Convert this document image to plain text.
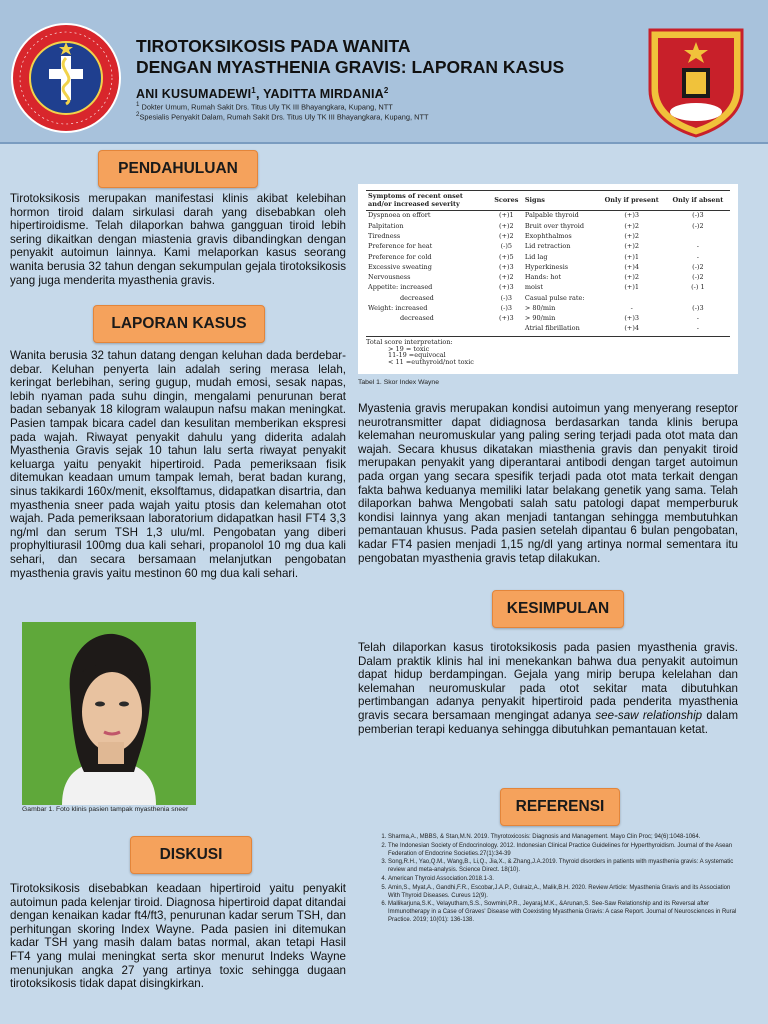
TIROTOKSIKOSIS PADA WANITA
DENGAN MYASTHENIA GRAVIS: LAPORAN KASUS
ANI KUSUMADEWI$^1$, YADITTA MIRDANIA$^2$
$^1$ Dokter Umum, Rumah Sakit Drs. Titus Uly TK III Bhayangkara, Kupang, NTT
$^2$Spesialis Penyakit Dalam, Rumah Sakit Drs. Titus Uly TK III Bhayangkara, Kupang, NTT
PENDAHULUAN
Tirotoksikosis merupakan manifestasi klinis akibat kelebihan hormon tiroid dalam sirkulasi darah yang disebabkan oleh hipertiroidisme. Telah dilaporkan bahwa gangguan tiroid lebih sering dikaitkan dengan miastenia gravis dibandingkan dengan penyakit autoimun lainnya. Kami melaporkan kasus seorang wanita berusia 32 tahun dengan sekumpulan gejala tirotoksikosis yang juga menderita myasthenia gravis.
LAPORAN KASUS
Wanita berusia 32 tahun datang dengan keluhan dada berdebar-debar. Keluhan penyerta lain adalah sering merasa lelah, keringat berlebihan, sering gugup, mudah emosi, sesak napas, lebih nyaman pada suhu dingin, mengalami penurunan berat badan sebanyak 18 kilogram walaupun nafsu makan meningkat. Pasien tampak bicara cadel dan kesulitan memberikan ekspresi pada wajah. Riwayat penyakit dahulu yang diderita adalah Myasthenia Gravis sejak 10 tahun lalu serta riwayat penyakit keluarga yaitu penyakit hipertiroid. Pada pemeriksaan fisik ditemukan keadaan umum tampak lemah, berat badan kurang, sinus takikardi 160x/menit, eksolftamus, didapatkan disartria, dan myasthenia sneer pada wajah yaitu ptosis dan kelemahan otot wajah. Pada pemeriksaan laboratorium didapatkan hasil FT4 3,3 ng/ml dan serum TSH 1,3 ulu/ml. Pengobatan yang diberi prophyltiurasil 100mg dua kali sehari, propanolol 10 mg dua kali sehari, dan secara bersamaan melanjutkan pengobatan myasthenia gravis yaitu mestinon 60 mg dua kali sehari.
Gambar 1. Foto klinis pasien tampak myasthenia sneer
DISKUSI
Tirotoksikosis disebabkan keadaan hipertiroid yaitu penyakit autoimun pada kelenjar tiroid. Diagnosa hipertiroid dapat ditandai dengan kenaikan kadar ft4/ft3, penurunan kadar serum TSH, dan perhitungan skoring Index Wayne. Pada pasien ini ditemukan kadar TSH yang masih dalam batas normal, akan tetapi Hasil FT4 yang mulai meningkat serta skor menurut Indeks Wayne menunjukan angka 27 yang artinya toxic sehingga dugaan tirotoksikosis tidak dapat disingkirkan.
Symptoms of recent onset and/or increased severity	Scores	Signs	Only if present	Only if absent
Dyspnoea on effort	(+)1	Palpable thyroid	(+)3	(-)3
Palpitation	(+)2	Bruit over thyroid	(+)2	(-)2
Tiredness	(+)2	Exophthalmos	(+)2	
Preference for heat	(-)5	Lid retraction	(+)2	-
Preference for cold	(+)5	Lid lag	(+)1	-
Excessive sweating	(+)3	Hyperkinesis	(+)4	(-)2
Nervousness	(+)2	Hands: hot	(+)2	(-)2
Appetite: increased	(+)3	moist	(+)1	(-) 1
decreased	(-)3	Casual pulse rate:		
Weight: increased	(-)3	> 80/min	-	(-)3
decreased	(+)3	> 90/min	(+)3	-
		Atrial fibrillation	(+)4	-
Total score interpretation:
> 19 = toxic
11-19 =equivocal
< 11 =euthyroid/not toxic
Tabel 1. Skor Index Wayne
Myastenia gravis merupakan kondisi autoimun yang menyerang reseptor neurotransmitter dapat didiagnosa berdasarkan tanda klinis berupa kelemahan neuromuskular yang paling sering terjadi pada otot mata dan wajah. Secara khusus dikatakan miasthenia gravis dan penyakit tiroid merupakan penyakit yang diperantarai antibodi dengan target autoimun pada organ yang secara spesifik terjadi pada otot mata terkait dengan fakta bahwa keduanya memiliki latar belakang genetik yang sama. Telah dilaporkan bahwa Mengobati salah satu patologi dapat memperburuk kondisi lainnya yang akan menjadi tantangan sehingga membutuhkan pemantauan khusus. Pada pasien setelah dipantau 6 bulan pengobatan, kadar FT4 pasien menjadi 1,15 ng/dl yang artinya normal sementara itu pengobatan myasthenia gravis tetap dilakukan.
KESIMPULAN
Telah dilaporkan kasus tirotoksikosis pada pasien myasthenia gravis. Dalam praktik klinis hal ini menekankan bahwa dua penyakit autoimun dapat hidup berdampingan. Gejala yang mirip berupa kelelahan dan kelemahan neuromuskular pada otot sekitar mata dibutuhkan pertimbangan adanya penyakit hipertiroid pada penderita myasthenia gravis secara bersamaan mengingat adanya see-saw relationship dalam pemberian terapi keduanya sehingga dibutuhkan pemantauan ketat.
REFERENSI
1. Sharma,A., MBBS, & Stan,M.N. 2019. Thyrotoxicosis: Diagnosis and Management. Mayo Clin Proc; 94(6):1048-1064.
2. The Indonesian Society of Endocrinology. 2012. Indonesian Clinical Practice Guidelines for Hyperthyroidism. Journal of the Asean Federation of Endocrine Societies.27(1):34-39
3. Song,R.H., Yao,Q.M., Wang,B., Li,Q., Jia,X., & Zhang,J.A.2019. Thyroid disorders in patients with myasthenia gravis: A systematic review and meta-analysis. Science Direct. 18(10).
4. American Thyroid Association.2018.1-3.
5. Amin,S., Myat,A., Gandhi,F.R., Escobar,J.A.P., Gulraiz,A., Malik,B.H. 2020. Review Article: Myasthenia Gravis and its Association With Thyroid Diseases. Cureus 12(9).
6. Mallikarjuna,S.K., Velayutham,S.S., Sowmini,P.R., Jeyaraj,M.K., &Arunan,S. See-Saw Relationship and its Reversal after Immunotherapy in a Case of Graves' Disease with Coexisting Myasthenia Gravis: A case Report. Journal of Neurosciences in Rural Practice. 2019; 10(01): 136-138.
